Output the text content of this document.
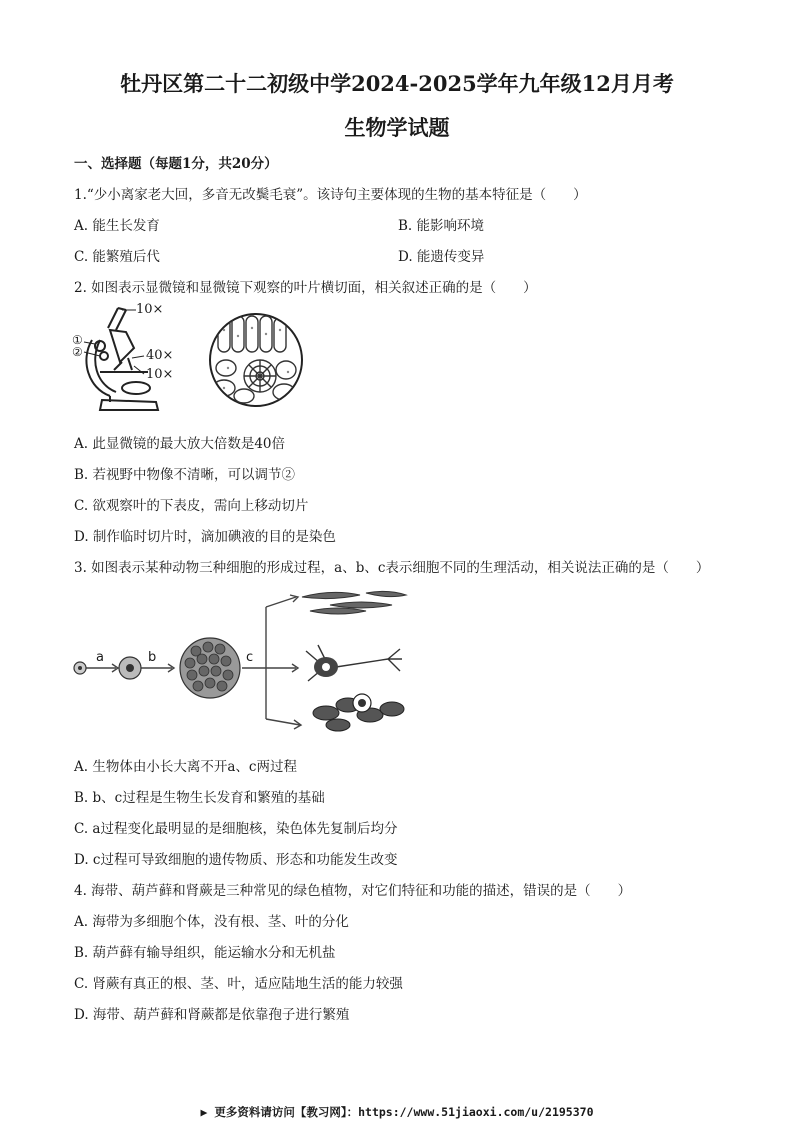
牡丹区第二十二初级中学2024-2025学年九年级12月月考
生物学试题
一、选择题（每题1分，共20分）
1.“少小离家老大回，多音无改鬓毛衰”。该诗句主要体现的生物的基本特征是（　　）
A. 能生长发育	B. 能影响环境
C. 能繁殖后代	D. 能遗传变异
2. 如图表示显微镜和显微镜下观察的叶片横切面，相关叙述正确的是（　　）
10×
①
②	40×
10×
A. 此显微镜的最大放大倍数是40倍
B. 若视野中物像不清晰，可以调节②
C. 欲观察叶的下表皮，需向上移动切片
D. 制作临时切片时，滴加碘液的目的是染色
3. 如图表示某种动物三种细胞的形成过程，a、b、c表示细胞不同的生理活动，相关说法正确的是（　　）
a	b	c
A. 生物体由小长大离不开a、c两过程
B. b、c过程是生物生长发育和繁殖的基础
C. a过程变化最明显的是细胞核，染色体先复制后均分
D. c过程可导致细胞的遗传物质、形态和功能发生改变
4. 海带、葫芦藓和肾蕨是三种常见的绿色植物，对它们特征和功能的描述，错误的是（　　）
A. 海带为多细胞个体，没有根、茎、叶的分化
B. 葫芦藓有输导组织，能运输水分和无机盐
C. 肾蕨有真正的根、茎、叶，适应陆地生活的能力较强
D. 海带、葫芦藓和肾蕨都是依靠孢子进行繁殖
▶ 更多资料请访问【教习网】：https://www.51jiaoxi.com/u/2195370
